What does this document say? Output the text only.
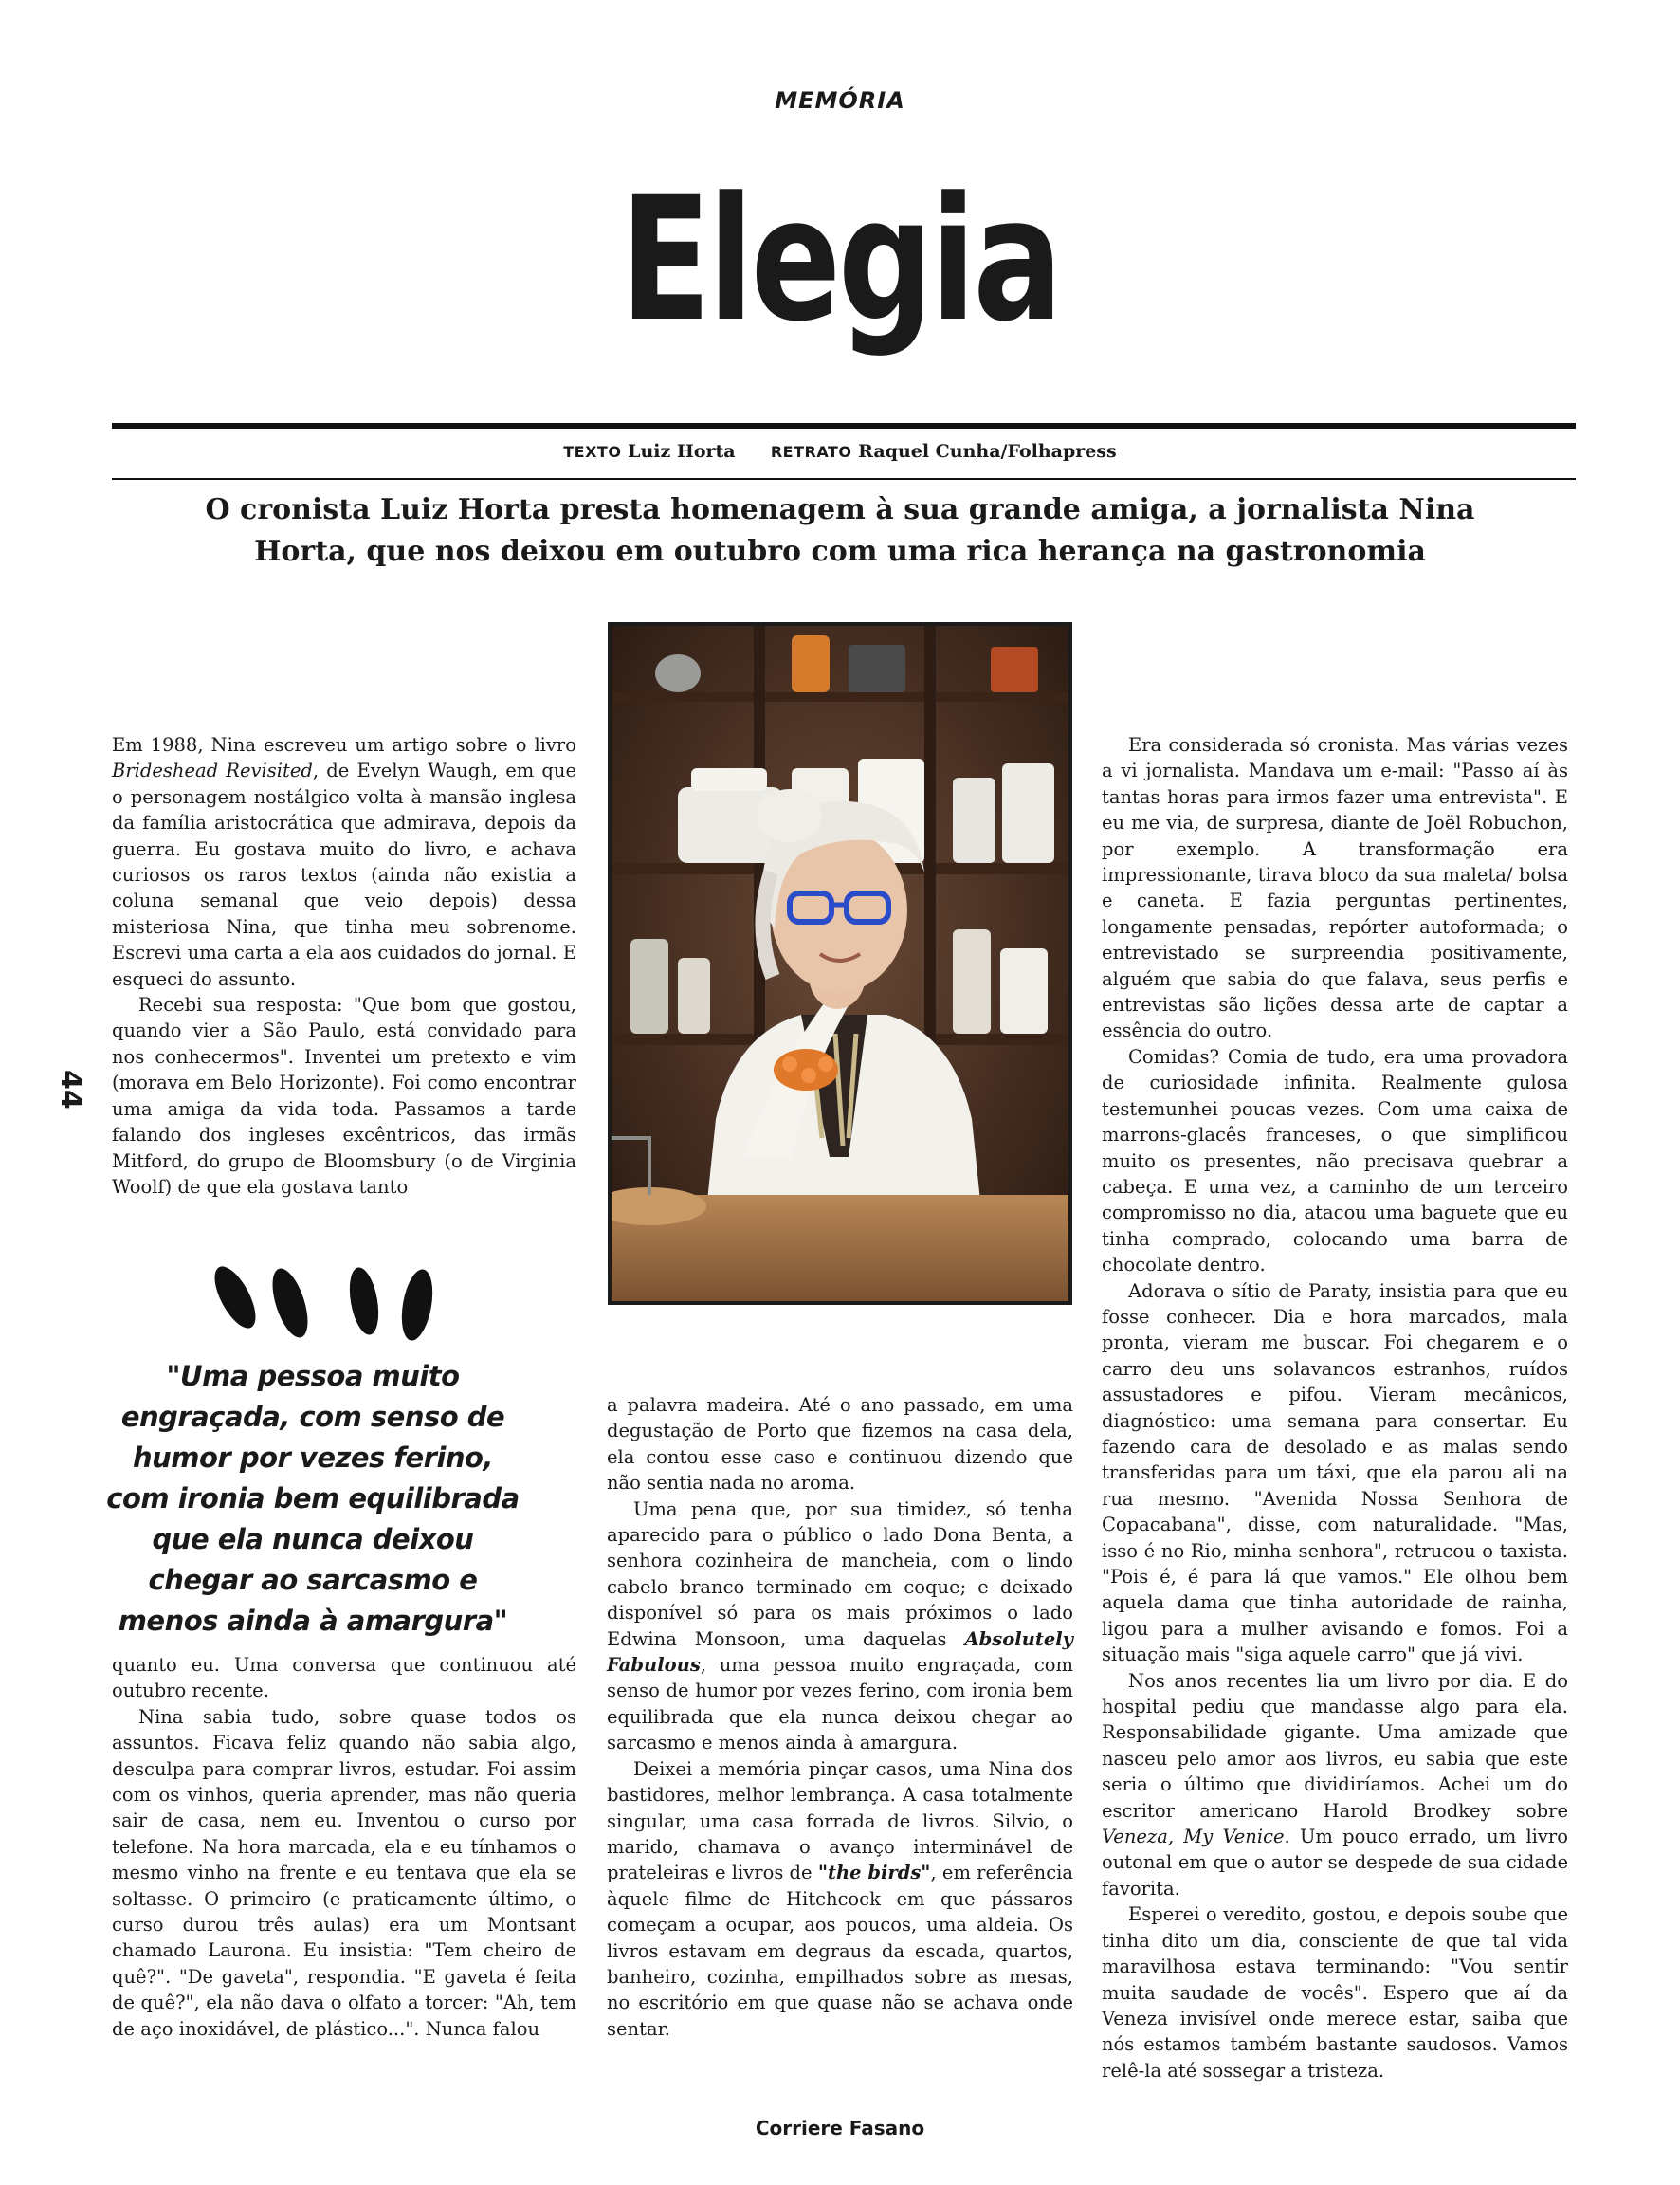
MEMÓRIA
Elegia
TEXTO Luiz Horta RETRATO Raquel Cunha/Folhapress
O cronista Luiz Horta presta homenagem à sua grande amiga, a jornalista Nina Horta, que nos deixou em outubro com uma rica herança na gastronomia

Em 1988, Nina escreveu um artigo sobre o livro Brideshead Revisited, de Evelyn Waugh, em que o personagem nostálgico volta à mansão inglesa da família aristocrática que admirava, depois da guerra. Eu gostava muito do livro, e achava curiosos os raros textos (ainda não existia a coluna semanal que veio depois) dessa misteriosa Nina, que tinha meu sobrenome. Escrevi uma carta a ela aos cuidados do jornal. E esqueci do assunto.

Recebi sua resposta: "Que bom que gostou, quando vier a São Paulo, está convidado para nos conhecermos". Inventei um pretexto e vim (morava em Belo Horizonte). Foi como encontrar uma amiga da vida toda. Passamos a tarde falando dos ingleses excêntricos, das irmãs Mitford, do grupo de Bloomsbury (o de Virginia Woolf) de que ela gostava tanto

44
"Uma pessoa muito engraçada, com senso de humor por vezes ferino, com ironia bem equilibrada que ela nunca deixou chegar ao sarcasmo e menos ainda à amargura"

quanto eu. Uma conversa que continuou até outubro recente.

Nina sabia tudo, sobre quase todos os assuntos. Ficava feliz quando não sabia algo, desculpa para comprar livros, estudar. Foi assim com os vinhos, queria aprender, mas não queria sair de casa, nem eu. Inventou o curso por telefone. Na hora marcada, ela e eu tínhamos o mesmo vinho na frente e eu tentava que ela se soltasse. O primeiro (e praticamente último, o curso durou três aulas) era um Montsant chamado Laurona. Eu insistia: "Tem cheiro de quê?". "De gaveta", respondia. "E gaveta é feita de quê?", ela não dava o olfato a torcer: "Ah, tem de aço inoxidável, de plástico...". Nunca falou

a palavra madeira. Até o ano passado, em uma degustação de Porto que fizemos na casa dela, ela contou esse caso e continuou dizendo que não sentia nada no aroma.

Uma pena que, por sua timidez, só tenha aparecido para o público o lado Dona Benta, a senhora cozinheira de mancheia, com o lindo cabelo branco terminado em coque; e deixado disponível só para os mais próximos o lado Edwina Monsoon, uma daquelas Absolutely Fabulous, uma pessoa muito engraçada, com senso de humor por vezes ferino, com ironia bem equilibrada que ela nunca deixou chegar ao sarcasmo e menos ainda à amargura.

Deixei a memória pinçar casos, uma Nina dos bastidores, melhor lembrança. A casa totalmente singular, uma casa forrada de livros. Silvio, o marido, chamava o avanço interminável de prateleiras e livros de "the birds", em referência àquele filme de Hitchcock em que pássaros começam a ocupar, aos poucos, uma aldeia. Os livros estavam em degraus da escada, quartos, banheiro, cozinha, empilhados sobre as mesas, no escritório em que quase não se achava onde sentar.

Era considerada só cronista. Mas várias vezes a vi jornalista. Mandava um e-mail: "Passo aí às tantas horas para irmos fazer uma entrevista". E eu me via, de surpresa, diante de Joël Robuchon, por exemplo. A transformação era impressionante, tirava bloco da sua maleta/ bolsa e caneta. E fazia perguntas pertinentes, longamente pensadas, repórter autoformada; o entrevistado se surpreendia positivamente, alguém que sabia do que falava, seus perfis e entrevistas são lições dessa arte de captar a essência do outro.

Comidas? Comia de tudo, era uma provadora de curiosidade infinita. Realmente gulosa testemunhei poucas vezes. Com uma caixa de marrons-glacês franceses, o que simplificou muito os presentes, não precisava quebrar a cabeça. E uma vez, a caminho de um terceiro compromisso no dia, atacou uma baguete que eu tinha comprado, colocando uma barra de chocolate dentro.

Adorava o sítio de Paraty, insistia para que eu fosse conhecer. Dia e hora marcados, mala pronta, vieram me buscar. Foi chegarem e o carro deu uns solavancos estranhos, ruídos assustadores e pifou. Vieram mecânicos, diagnóstico: uma semana para consertar. Eu fazendo cara de desolado e as malas sendo transferidas para um táxi, que ela parou ali na rua mesmo. "Avenida Nossa Senhora de Copacabana", disse, com naturalidade. "Mas, isso é no Rio, minha senhora", retrucou o taxista. "Pois é, é para lá que vamos." Ele olhou bem aquela dama que tinha autoridade de rainha, ligou para a mulher avisando e fomos. Foi a situação mais "siga aquele carro" que já vivi.

Nos anos recentes lia um livro por dia. E do hospital pediu que mandasse algo para ela. Responsabilidade gigante. Uma amizade que nasceu pelo amor aos livros, eu sabia que este seria o último que dividiríamos. Achei um do escritor americano Harold Brodkey sobre Veneza, My Venice. Um pouco errado, um livro outonal em que o autor se despede de sua cidade favorita.

Esperei o veredito, gostou, e depois soube que tinha dito um dia, consciente de que tal vida maravilhosa estava terminando: "Vou sentir muita saudade de vocês". Espero que aí da Veneza invisível onde merece estar, saiba que nós estamos também bastante saudosos. Vamos relê-la até sossegar a tristeza.

Corriere Fasano
